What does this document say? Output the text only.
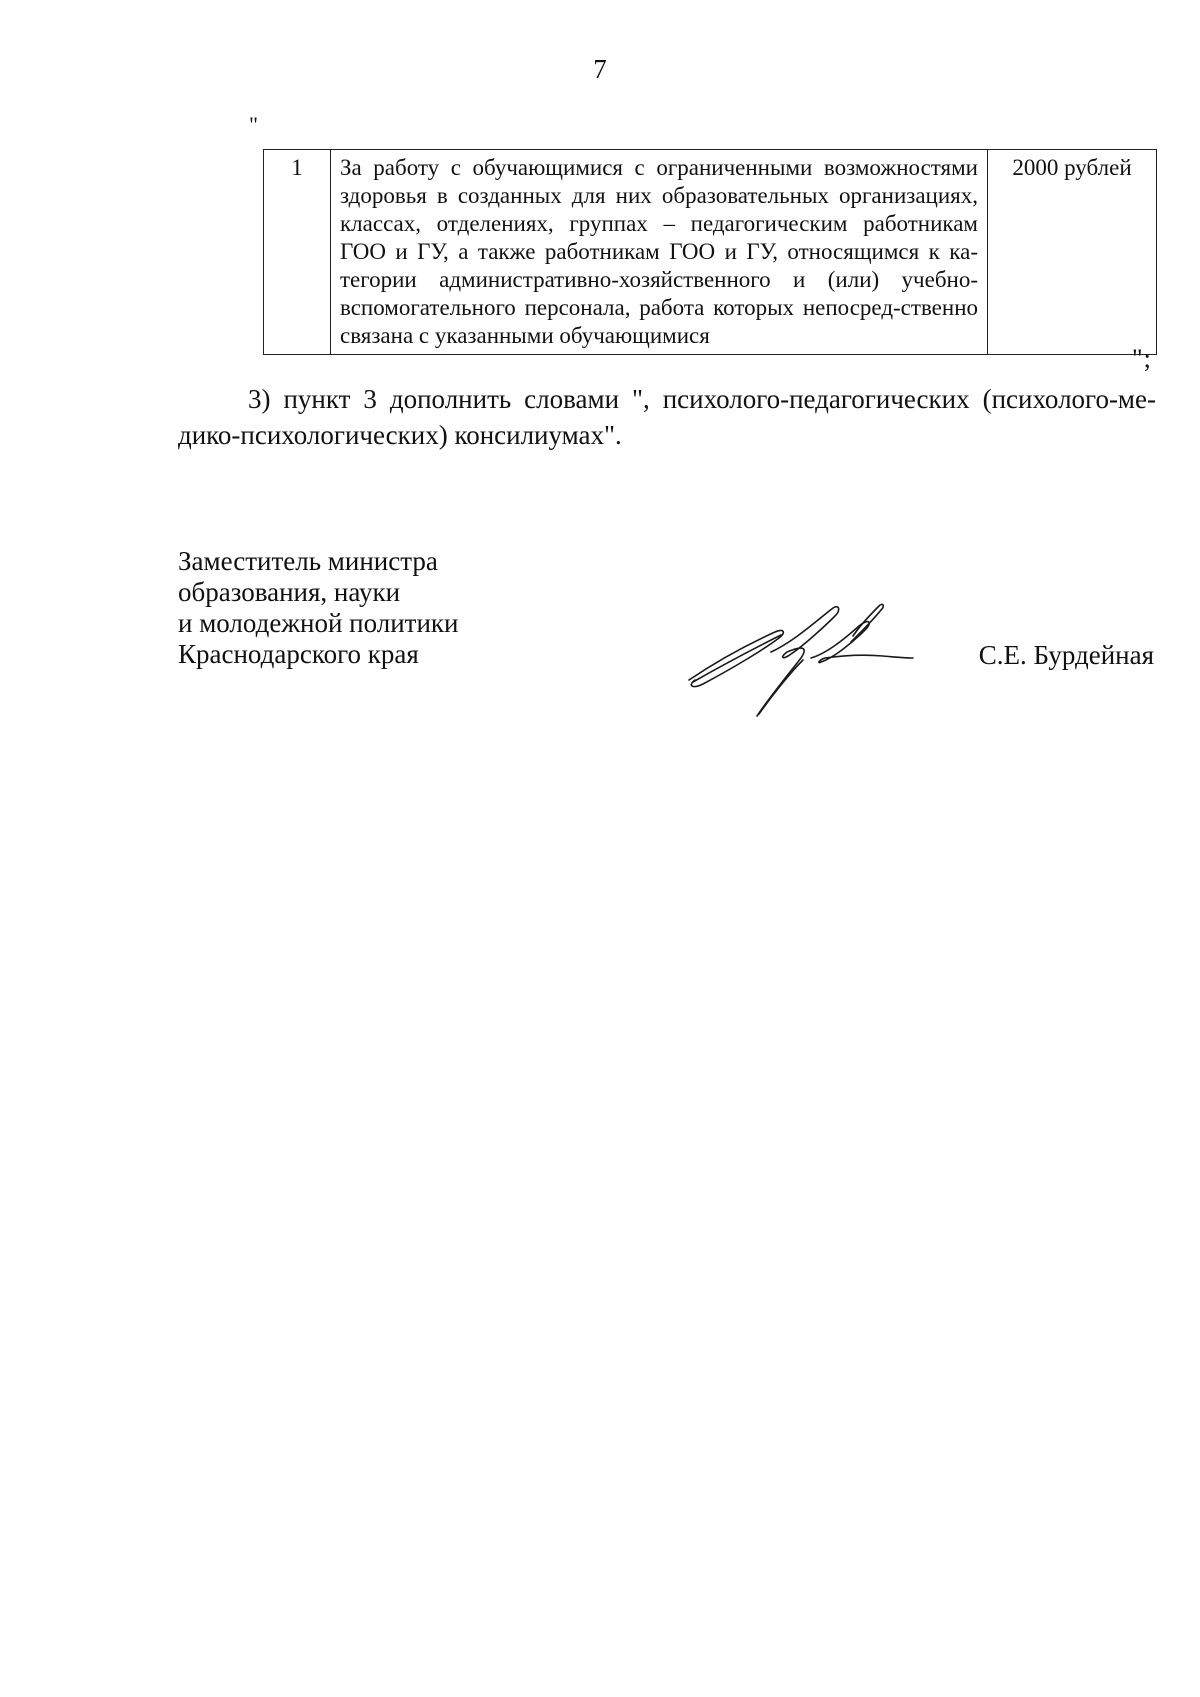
7
"
1	За работу с обучающимися с ограниченными возможностями здоровья в созданных для них образовательных организациях, классах, отделениях, группах – педагогическим работникам ГОО и ГУ, а также работникам ГОО и ГУ, относящимся к ка-тегории административно-хозяйственного и (или) учебно-вспомогательного персонала, работа которых непосред-ственно связана с указанными обучающимися	2000 рублей
";
3) пункт 3 дополнить словами ", психолого-педагогических (психолого-ме-дико-психологических) консилиумах".
Заместитель министра
образования, науки
и молодежной политики
Краснодарского края	С.Е. Бурдейная
